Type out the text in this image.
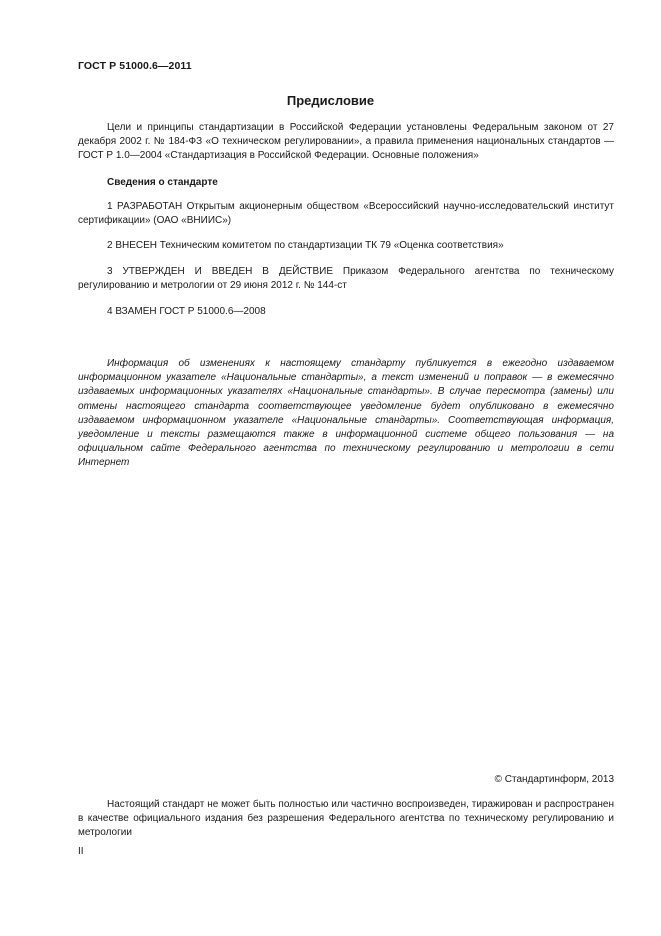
ГОСТ Р 51000.6—2011
Предисловие
Цели и принципы стандартизации в Российской Федерации установлены Федеральным законом от 27 декабря 2002 г. № 184-ФЗ «О техническом регулировании», а правила применения национальных стандартов — ГОСТ Р 1.0—2004 «Стандартизация в Российской Федерации. Основные положения»
Сведения о стандарте
1 РАЗРАБОТАН Открытым акционерным обществом «Всероссийский научно-исследовательский институт сертификации» (ОАО «ВНИИС»)
2 ВНЕСЕН Техническим комитетом по стандартизации ТК 79 «Оценка соответствия»
3 УТВЕРЖДЕН И ВВЕДЕН В ДЕЙСТВИЕ Приказом Федерального агентства по техническому регулированию и метрологии от 29 июня 2012 г. № 144-ст
4 ВЗАМЕН ГОСТ Р 51000.6—2008
Информация об изменениях к настоящему стандарту публикуется в ежегодно издаваемом информационном указателе «Национальные стандарты», а текст изменений и поправок — в ежемесячно издаваемых информационных указателях «Национальные стандарты». В случае пересмотра (замены) или отмены настоящего стандарта соответствующее уведомление будет опубликовано в ежемесячно издаваемом информационном указателе «Национальные стандарты». Соответствующая информация, уведомление и тексты размещаются также в информационной системе общего пользования — на официальном сайте Федерального агентства по техническому регулированию и метрологии в сети Интернет
© Стандартинформ, 2013
Настоящий стандарт не может быть полностью или частично воспроизведен, тиражирован и распространен в качестве официального издания без разрешения Федерального агентства по техническому регулированию и метрологии
II
